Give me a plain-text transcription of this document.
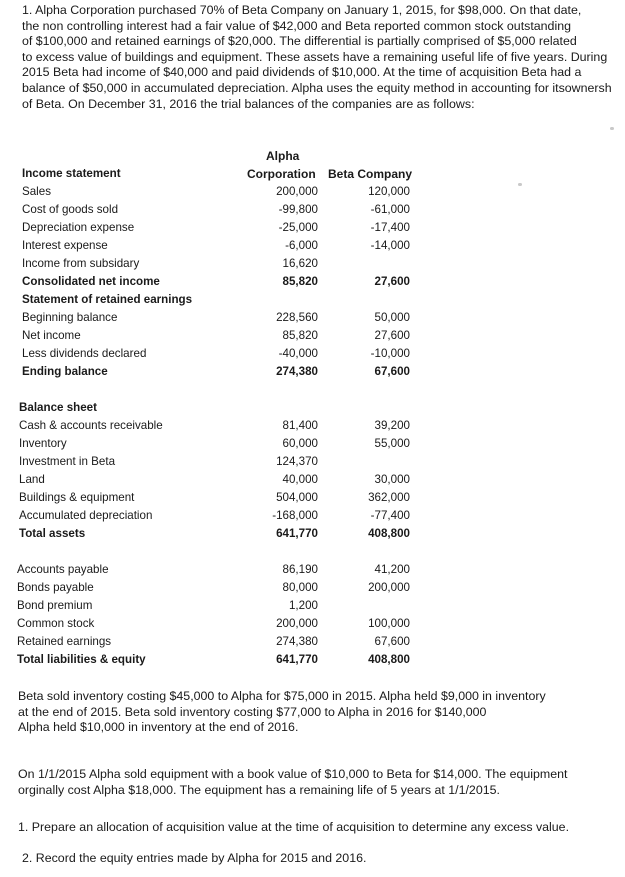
1. Alpha Corporation purchased 70% of Beta Company on January 1, 2015, for $98,000. On that date,
the non controlling interest had a fair value of $42,000 and Beta reported common stock outstanding
of $100,000 and retained earnings of $20,000. The differential is partially comprised of $5,000 related
to excess value of buildings and equipment. These assets have a remaining useful life of five years. During
2015 Beta had income of $40,000 and paid dividends of $10,000. At the time of acquisition Beta had a
balance of $50,000 in accumulated depreciation. Alpha uses the equity method in accounting for itsownersh
of Beta. On December 31, 2016 the trial balances of the companies are as follows:
Alpha
Corporation Beta Company
Income statement
Sales	200,000	120,000
Cost of goods sold	-99,800	-61,000
Depreciation expense	-25,000	-17,400
Interest expense	-6,000	-14,000
Income from subsidary	16,620
Consolidated net income	85,820	27,600
Statement of retained earnings
Beginning balance	228,560	50,000
Net income	85,820	27,600
Less dividends declared	-40,000	-10,000
Ending balance	274,380	67,600
Balance sheet
Cash & accounts receivable	81,400	39,200
Inventory	60,000	55,000
Investment in Beta	124,370
Land	40,000	30,000
Buildings & equipment	504,000	362,000
Accumulated depreciation	-168,000	-77,400
Total assets	641,770	408,800
Accounts payable	86,190	41,200
Bonds payable	80,000	200,000
Bond premium	1,200
Common stock	200,000	100,000
Retained earnings	274,380	67,600
Total liabilities & equity	641,770	408,800
Beta sold inventory costing $45,000 to Alpha for $75,000 in 2015. Alpha held $9,000 in inventory
at the end of 2015. Beta sold inventory costing $77,000 to Alpha in 2016 for $140,000
Alpha held $10,000 in inventory at the end of 2016.
On 1/1/2015 Alpha sold equipment with a book value of $10,000 to Beta for $14,000. The equipment
orginally cost Alpha $18,000. The equipment has a remaining life of 5 years at 1/1/2015.
1. Prepare an allocation of acquisition value at the time of acquisition to determine any excess value.
2. Record the equity entries made by Alpha for 2015 and 2016.
